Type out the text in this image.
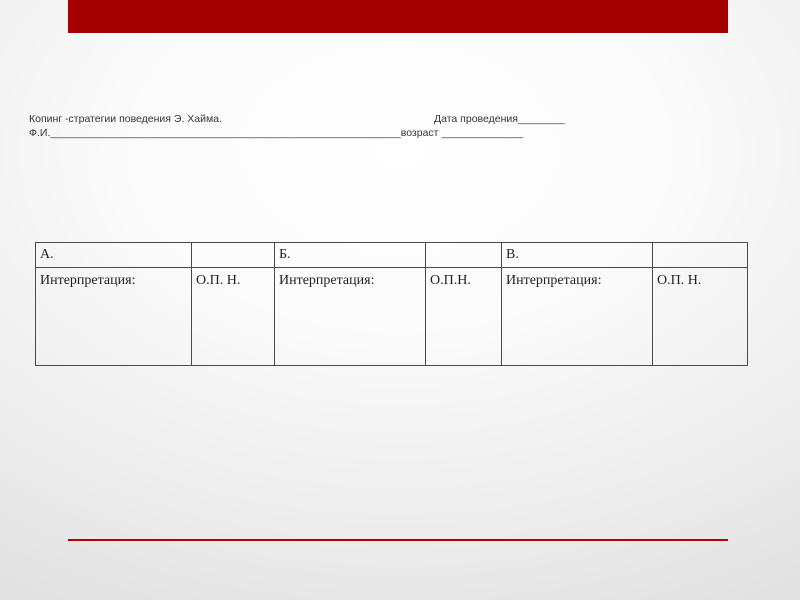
Копинг -стратегии поведения Э. Хайма.	Дата проведения________
Ф.И.____________________________________________________________возраст ______________
А.		Б.		В.	
Интерпретация:	О.П. Н.	Интерпретация:	О.П.Н.	Интерпретация:	О.П. Н.
